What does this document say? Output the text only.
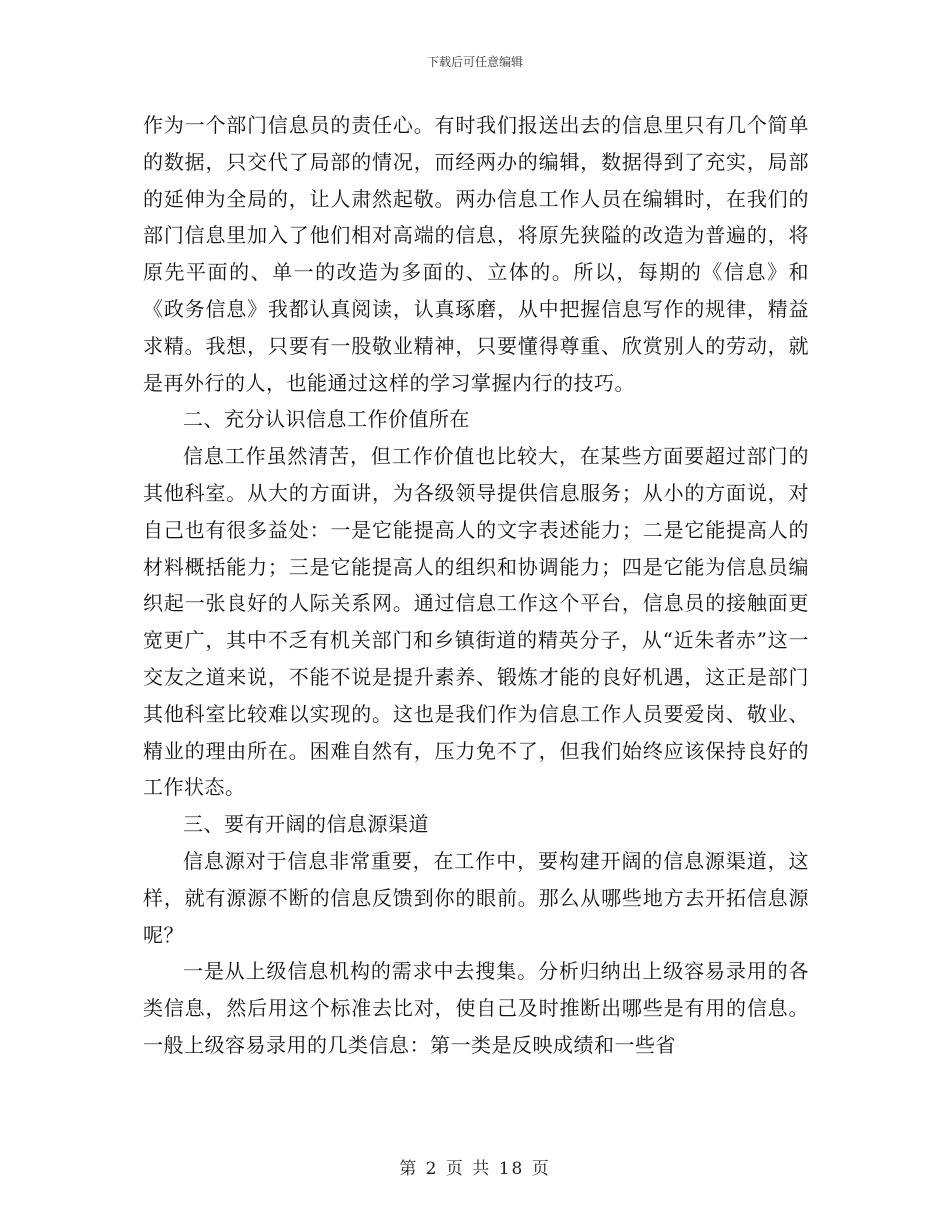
下载后可任意编辑

作为一个部门信息员的责任心。有时我们报送出去的信息里只有几个简单的数据，只交代了局部的情况，而经两办的编辑，数据得到了充实，局部的延伸为全局的，让人肃然起敬。两办信息工作人员在编辑时，在我们的部门信息里加入了他们相对高端的信息，将原先狭隘的改造为普遍的，将原先平面的、单一的改造为多面的、立体的。所以，每期的《信息》和《政务信息》我都认真阅读，认真琢磨，从中把握信息写作的规律，精益求精。我想，只要有一股敬业精神，只要懂得尊重、欣赏别人的劳动，就是再外行的人，也能通过这样的学习掌握内行的技巧。

二、充分认识信息工作价值所在

信息工作虽然清苦，但工作价值也比较大，在某些方面要超过部门的其他科室。从大的方面讲，为各级领导提供信息服务；从小的方面说，对自己也有很多益处：一是它能提高人的文字表述能力；二是它能提高人的材料概括能力；三是它能提高人的组织和协调能力；四是它能为信息员编织起一张良好的人际关系网。通过信息工作这个平台，信息员的接触面更宽更广，其中不乏有机关部门和乡镇街道的精英分子，从“近朱者赤”这一交友之道来说，不能不说是提升素养、锻炼才能的良好机遇，这正是部门其他科室比较难以实现的。这也是我们作为信息工作人员要爱岗、敬业、精业的理由所在。困难自然有，压力免不了，但我们始终应该保持良好的工作状态。

三、要有开阔的信息源渠道

信息源对于信息非常重要，在工作中，要构建开阔的信息源渠道，这样，就有源源不断的信息反馈到你的眼前。那么从哪些地方去开拓信息源呢？

一是从上级信息机构的需求中去搜集。分析归纳出上级容易录用的各类信息，然后用这个标准去比对，使自己及时推断出哪些是有用的信息。一般上级容易录用的几类信息：第一类是反映成绩和一些省

第 2 页 共 18 页
